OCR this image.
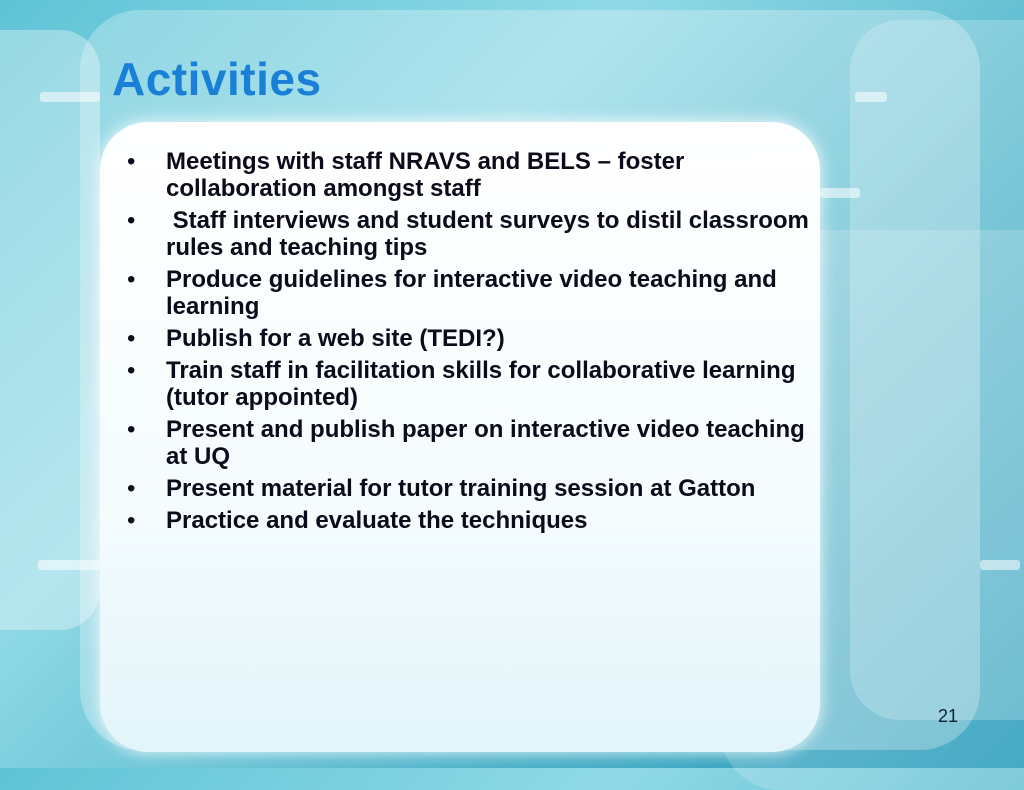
Activities
• Meetings with staff NRAVS and BELS – foster collaboration amongst staff
• Staff interviews and student surveys to distil classroom rules and teaching tips
• Produce guidelines for interactive video teaching and learning
• Publish for a web site (TEDI?)
• Train staff in facilitation skills for collaborative learning (tutor appointed)
• Present and publish paper on interactive video teaching at UQ
• Present material for tutor training session at Gatton
• Practice and evaluate the techniques
21
